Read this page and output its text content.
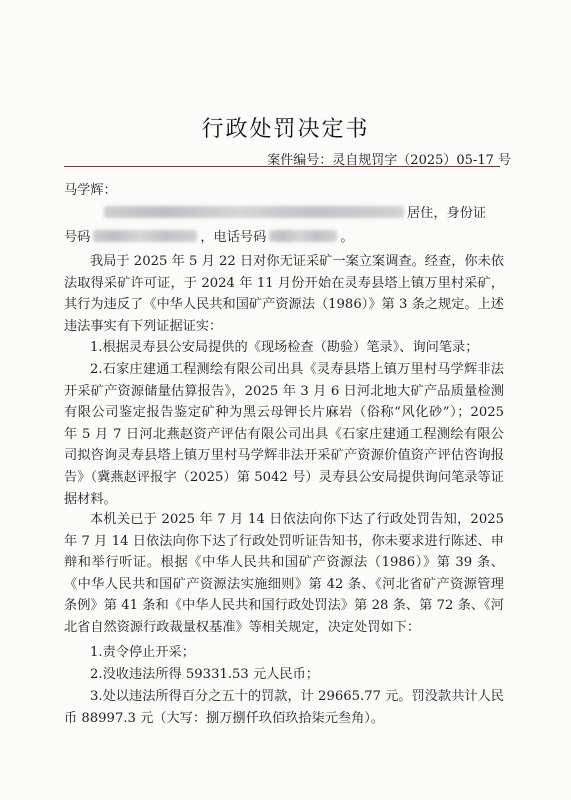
行政处罚决定书
案件编号：灵自规罚字（2025）05-17 号
马学辉：
居住，身份证
号码	，电话号码	。
我局于 2025 年 5 月 22 日对你无证采矿一案立案调查。经查，你未依法取得采矿许可证，于 2024 年 11 月份开始在灵寿县塔上镇万里村采矿，其行为违反了《中华人民共和国矿产资源法（1986）》第 3 条之规定。上述违法事实有下列证据证实：
1.根据灵寿县公安局提供的《现场检查（勘验）笔录》、询问笔录；
2.石家庄建通工程测绘有限公司出具《灵寿县塔上镇万里村马学辉非法开采矿产资源储量估算报告》，2025 年 3 月 6 日河北地大矿产品质量检测有限公司鉴定报告鉴定矿种为黑云母钾长片麻岩（俗称“风化砂”）；2025 年 5 月 7 日河北燕赵资产评估有限公司出具《石家庄建通工程测绘有限公司拟咨询灵寿县塔上镇万里村马学辉非法开采矿产资源价值资产评估咨询报告》（冀燕赵评报字（2025）第 5042 号）灵寿县公安局提供询问笔录等证据材料。
本机关已于 2025 年 7 月 14 日依法向你下达了行政处罚告知，2025 年 7 月 14 日依法向你下达了行政处罚听证告知书，你未要求进行陈述、申辩和举行听证。根据《中华人民共和国矿产资源法（1986）》第 39 条、《中华人民共和国矿产资源法实施细则》第 42 条、《河北省矿产资源管理条例》第 41 条和《中华人民共和国行政处罚法》第 28 条、第 72 条、《河北省自然资源行政裁量权基准》等相关规定，决定处罚如下：
1.责令停止开采；
2.没收违法所得 59331.53 元人民币；
3.处以违法所得百分之五十的罚款，计 29665.77 元。罚没款共计人民币 88997.3 元（大写：捌万捌仟玖佰玖拾柒元叁角）。
